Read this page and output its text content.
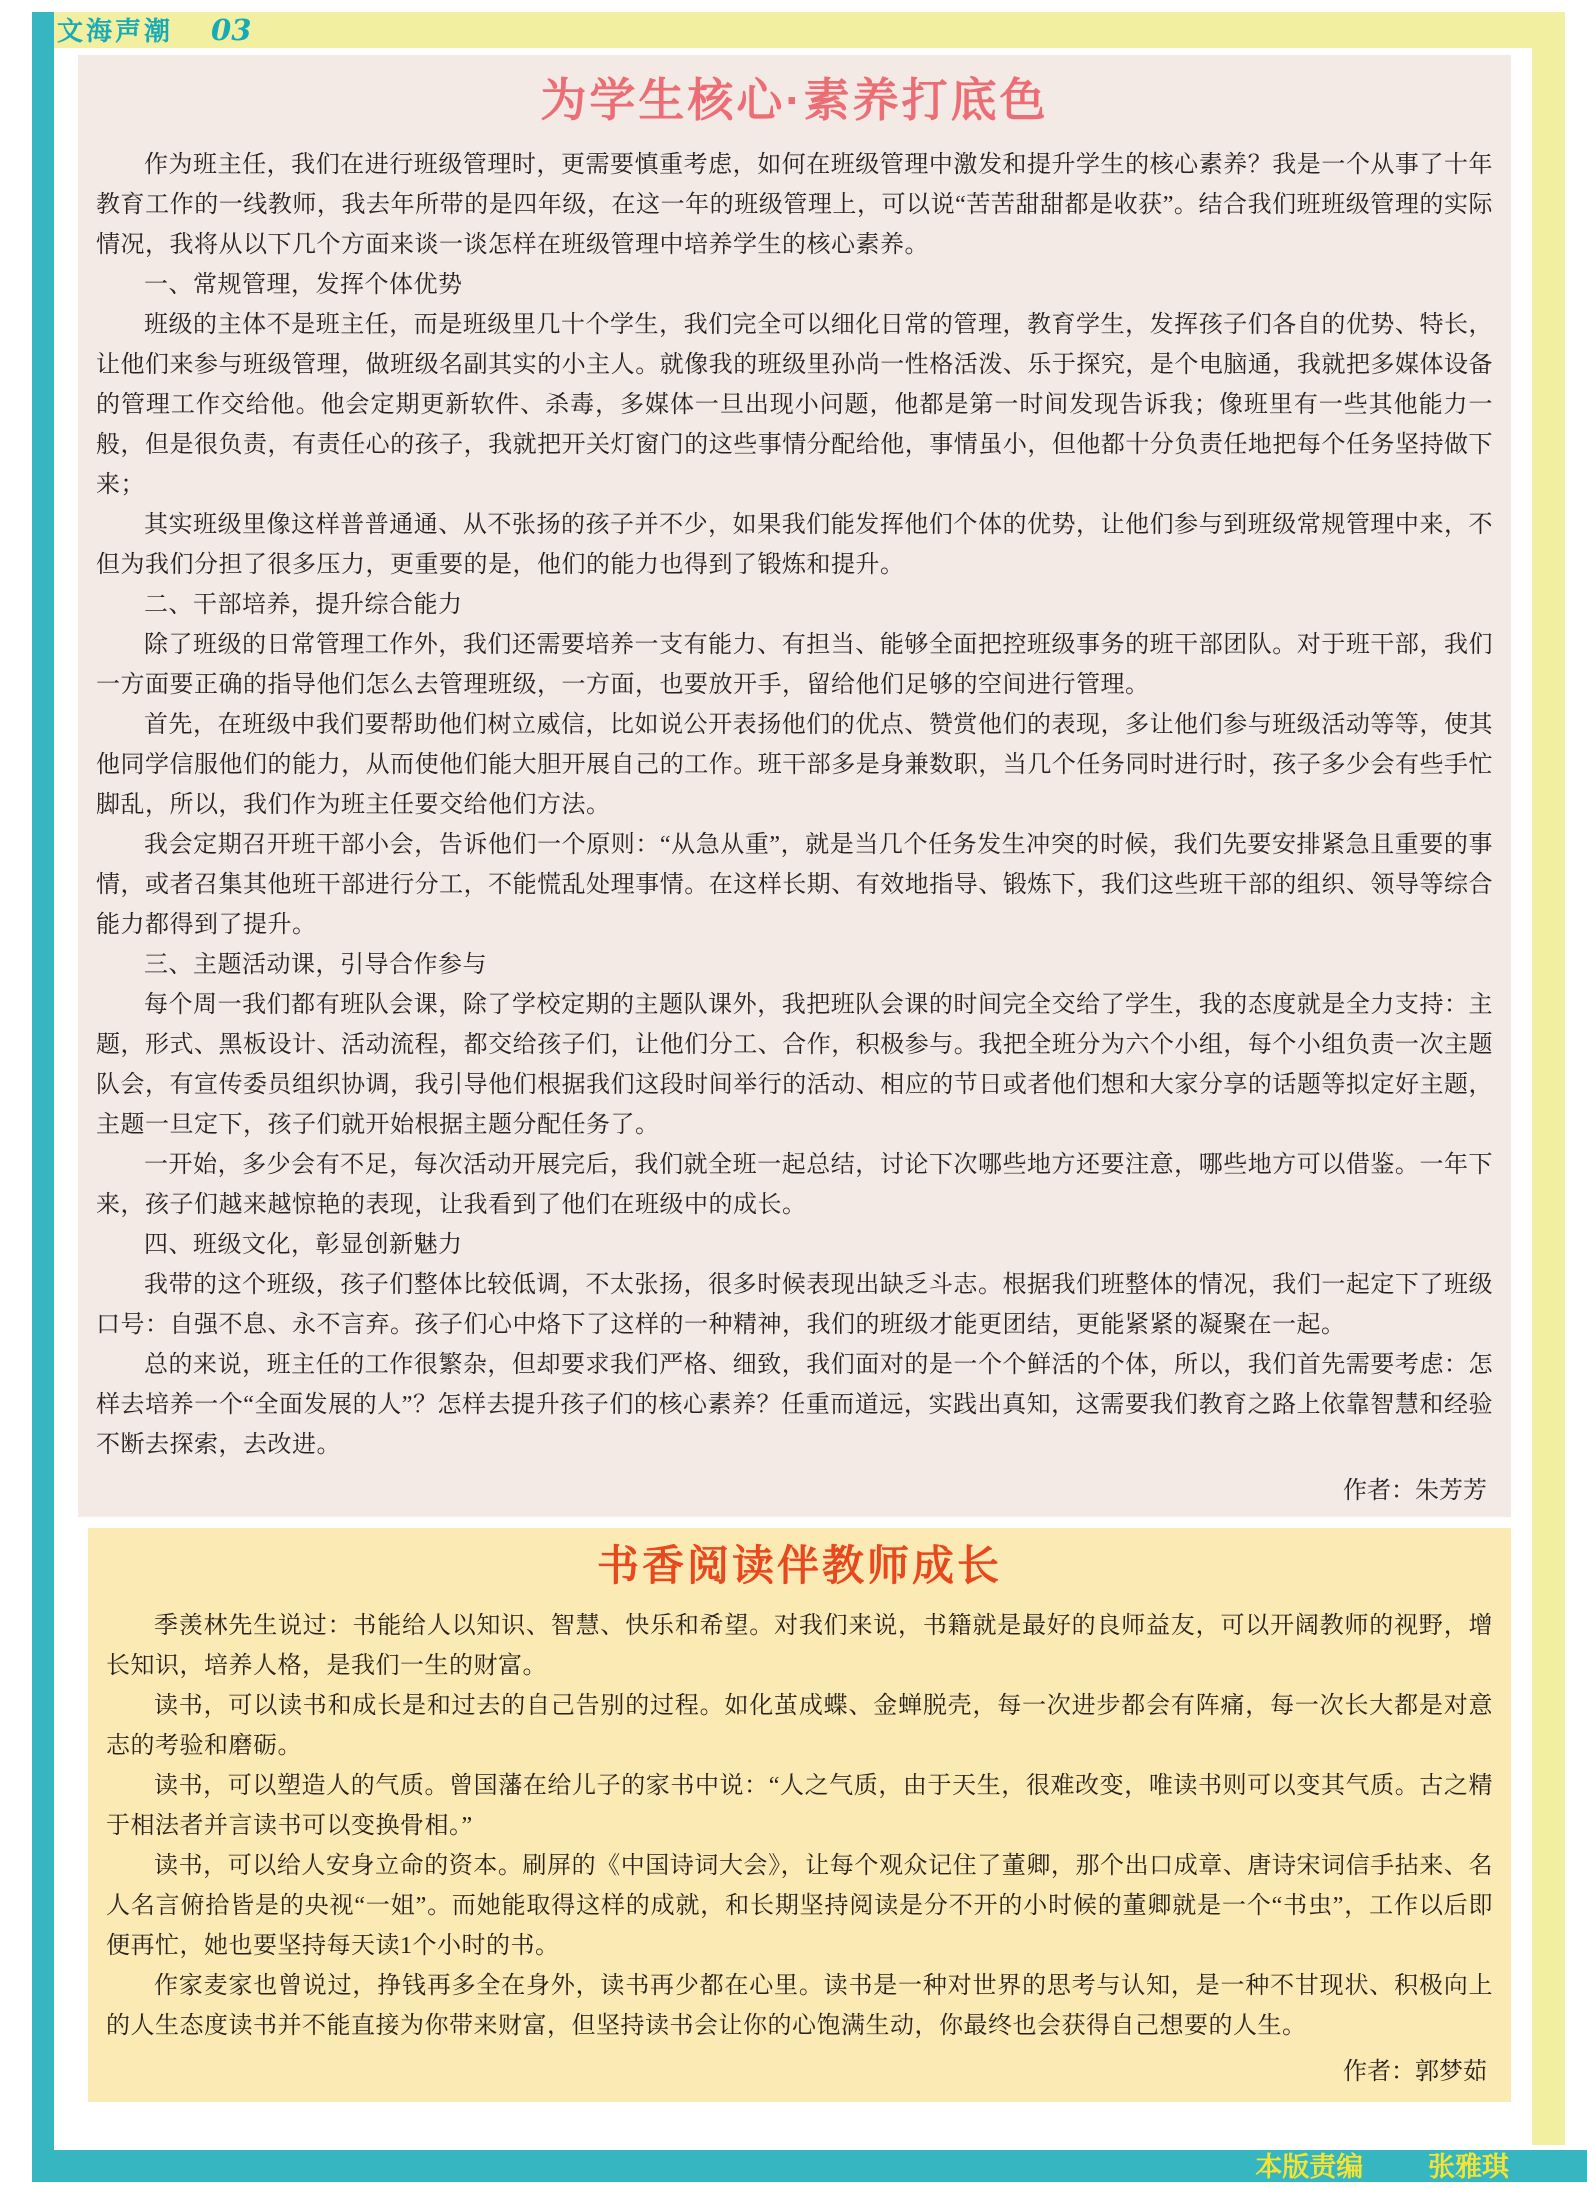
文海声潮 03
为学生核心·素养打底色

作为班主任，我们在进行班级管理时，更需要慎重考虑，如何在班级管理中激发和提升学生的核心素养？我是一个从事了十年教育工作的一线教师，我去年所带的是四年级，在这一年的班级管理上，可以说“苦苦甜甜都是收获”。结合我们班班级管理的实际情况，我将从以下几个方面来谈一谈怎样在班级管理中培养学生的核心素养。

一、常规管理，发挥个体优势

班级的主体不是班主任，而是班级里几十个学生，我们完全可以细化日常的管理，教育学生，发挥孩子们各自的优势、特长，让他们来参与班级管理，做班级名副其实的小主人。就像我的班级里孙尚一性格活泼、乐于探究，是个电脑通，我就把多媒体设备的管理工作交给他。他会定期更新软件、杀毒，多媒体一旦出现小问题，他都是第一时间发现告诉我；像班里有一些其他能力一般，但是很负责，有责任心的孩子，我就把开关灯窗门的这些事情分配给他，事情虽小，但他都十分负责任地把每个任务坚持做下来；

其实班级里像这样普普通通、从不张扬的孩子并不少，如果我们能发挥他们个体的优势，让他们参与到班级常规管理中来，不但为我们分担了很多压力，更重要的是，他们的能力也得到了锻炼和提升。

二、干部培养，提升综合能力

除了班级的日常管理工作外，我们还需要培养一支有能力、有担当、能够全面把控班级事务的班干部团队。对于班干部，我们一方面要正确的指导他们怎么去管理班级，一方面，也要放开手，留给他们足够的空间进行管理。

首先，在班级中我们要帮助他们树立威信，比如说公开表扬他们的优点、赞赏他们的表现，多让他们参与班级活动等等，使其他同学信服他们的能力，从而使他们能大胆开展自己的工作。班干部多是身兼数职，当几个任务同时进行时，孩子多少会有些手忙脚乱，所以，我们作为班主任要交给他们方法。

我会定期召开班干部小会，告诉他们一个原则：“从急从重”，就是当几个任务发生冲突的时候，我们先要安排紧急且重要的事情，或者召集其他班干部进行分工，不能慌乱处理事情。在这样长期、有效地指导、锻炼下，我们这些班干部的组织、领导等综合能力都得到了提升。

三、主题活动课，引导合作参与

每个周一我们都有班队会课，除了学校定期的主题队课外，我把班队会课的时间完全交给了学生，我的态度就是全力支持：主题，形式、黑板设计、活动流程，都交给孩子们，让他们分工、合作，积极参与。我把全班分为六个小组，每个小组负责一次主题队会，有宣传委员组织协调，我引导他们根据我们这段时间举行的活动、相应的节日或者他们想和大家分享的话题等拟定好主题，主题一旦定下，孩子们就开始根据主题分配任务了。

一开始，多少会有不足，每次活动开展完后，我们就全班一起总结，讨论下次哪些地方还要注意，哪些地方可以借鉴。一年下来，孩子们越来越惊艳的表现，让我看到了他们在班级中的成长。

四、班级文化，彰显创新魅力

我带的这个班级，孩子们整体比较低调，不太张扬，很多时候表现出缺乏斗志。根据我们班整体的情况，我们一起定下了班级口号：自强不息、永不言弃。孩子们心中烙下了这样的一种精神，我们的班级才能更团结，更能紧紧的凝聚在一起。

总的来说，班主任的工作很繁杂，但却要求我们严格、细致，我们面对的是一个个鲜活的个体，所以，我们首先需要考虑：怎样去培养一个“全面发展的人”？怎样去提升孩子们的核心素养？任重而道远，实践出真知，这需要我们教育之路上依靠智慧和经验不断去探索，去改进。

作者：朱芳芳

书香阅读伴教师成长

季羡林先生说过：书能给人以知识、智慧、快乐和希望。对我们来说，书籍就是最好的良师益友，可以开阔教师的视野，增长知识，培养人格，是我们一生的财富。

读书，可以读书和成长是和过去的自己告别的过程。如化茧成蝶、金蝉脱壳，每一次进步都会有阵痛，每一次长大都是对意志的考验和磨砺。

读书，可以塑造人的气质。曾国藩在给儿子的家书中说：“人之气质，由于天生，很难改变，唯读书则可以变其气质。古之精于相法者并言读书可以变换骨相。”

读书，可以给人安身立命的资本。刷屏的《中国诗词大会》，让每个观众记住了董卿，那个出口成章、唐诗宋词信手拈来、名人名言俯拾皆是的央视“一姐”。而她能取得这样的成就，和长期坚持阅读是分不开的小时候的董卿就是一个“书虫”，工作以后即便再忙，她也要坚持每天读1个小时的书。

作家麦家也曾说过，挣钱再多全在身外，读书再少都在心里。读书是一种对世界的思考与认知，是一种不甘现状、积极向上的人生态度读书并不能直接为你带来财富，但坚持读书会让你的心饱满生动，你最终也会获得自己想要的人生。

作者：郭梦茹

本版责编 张雅琪
